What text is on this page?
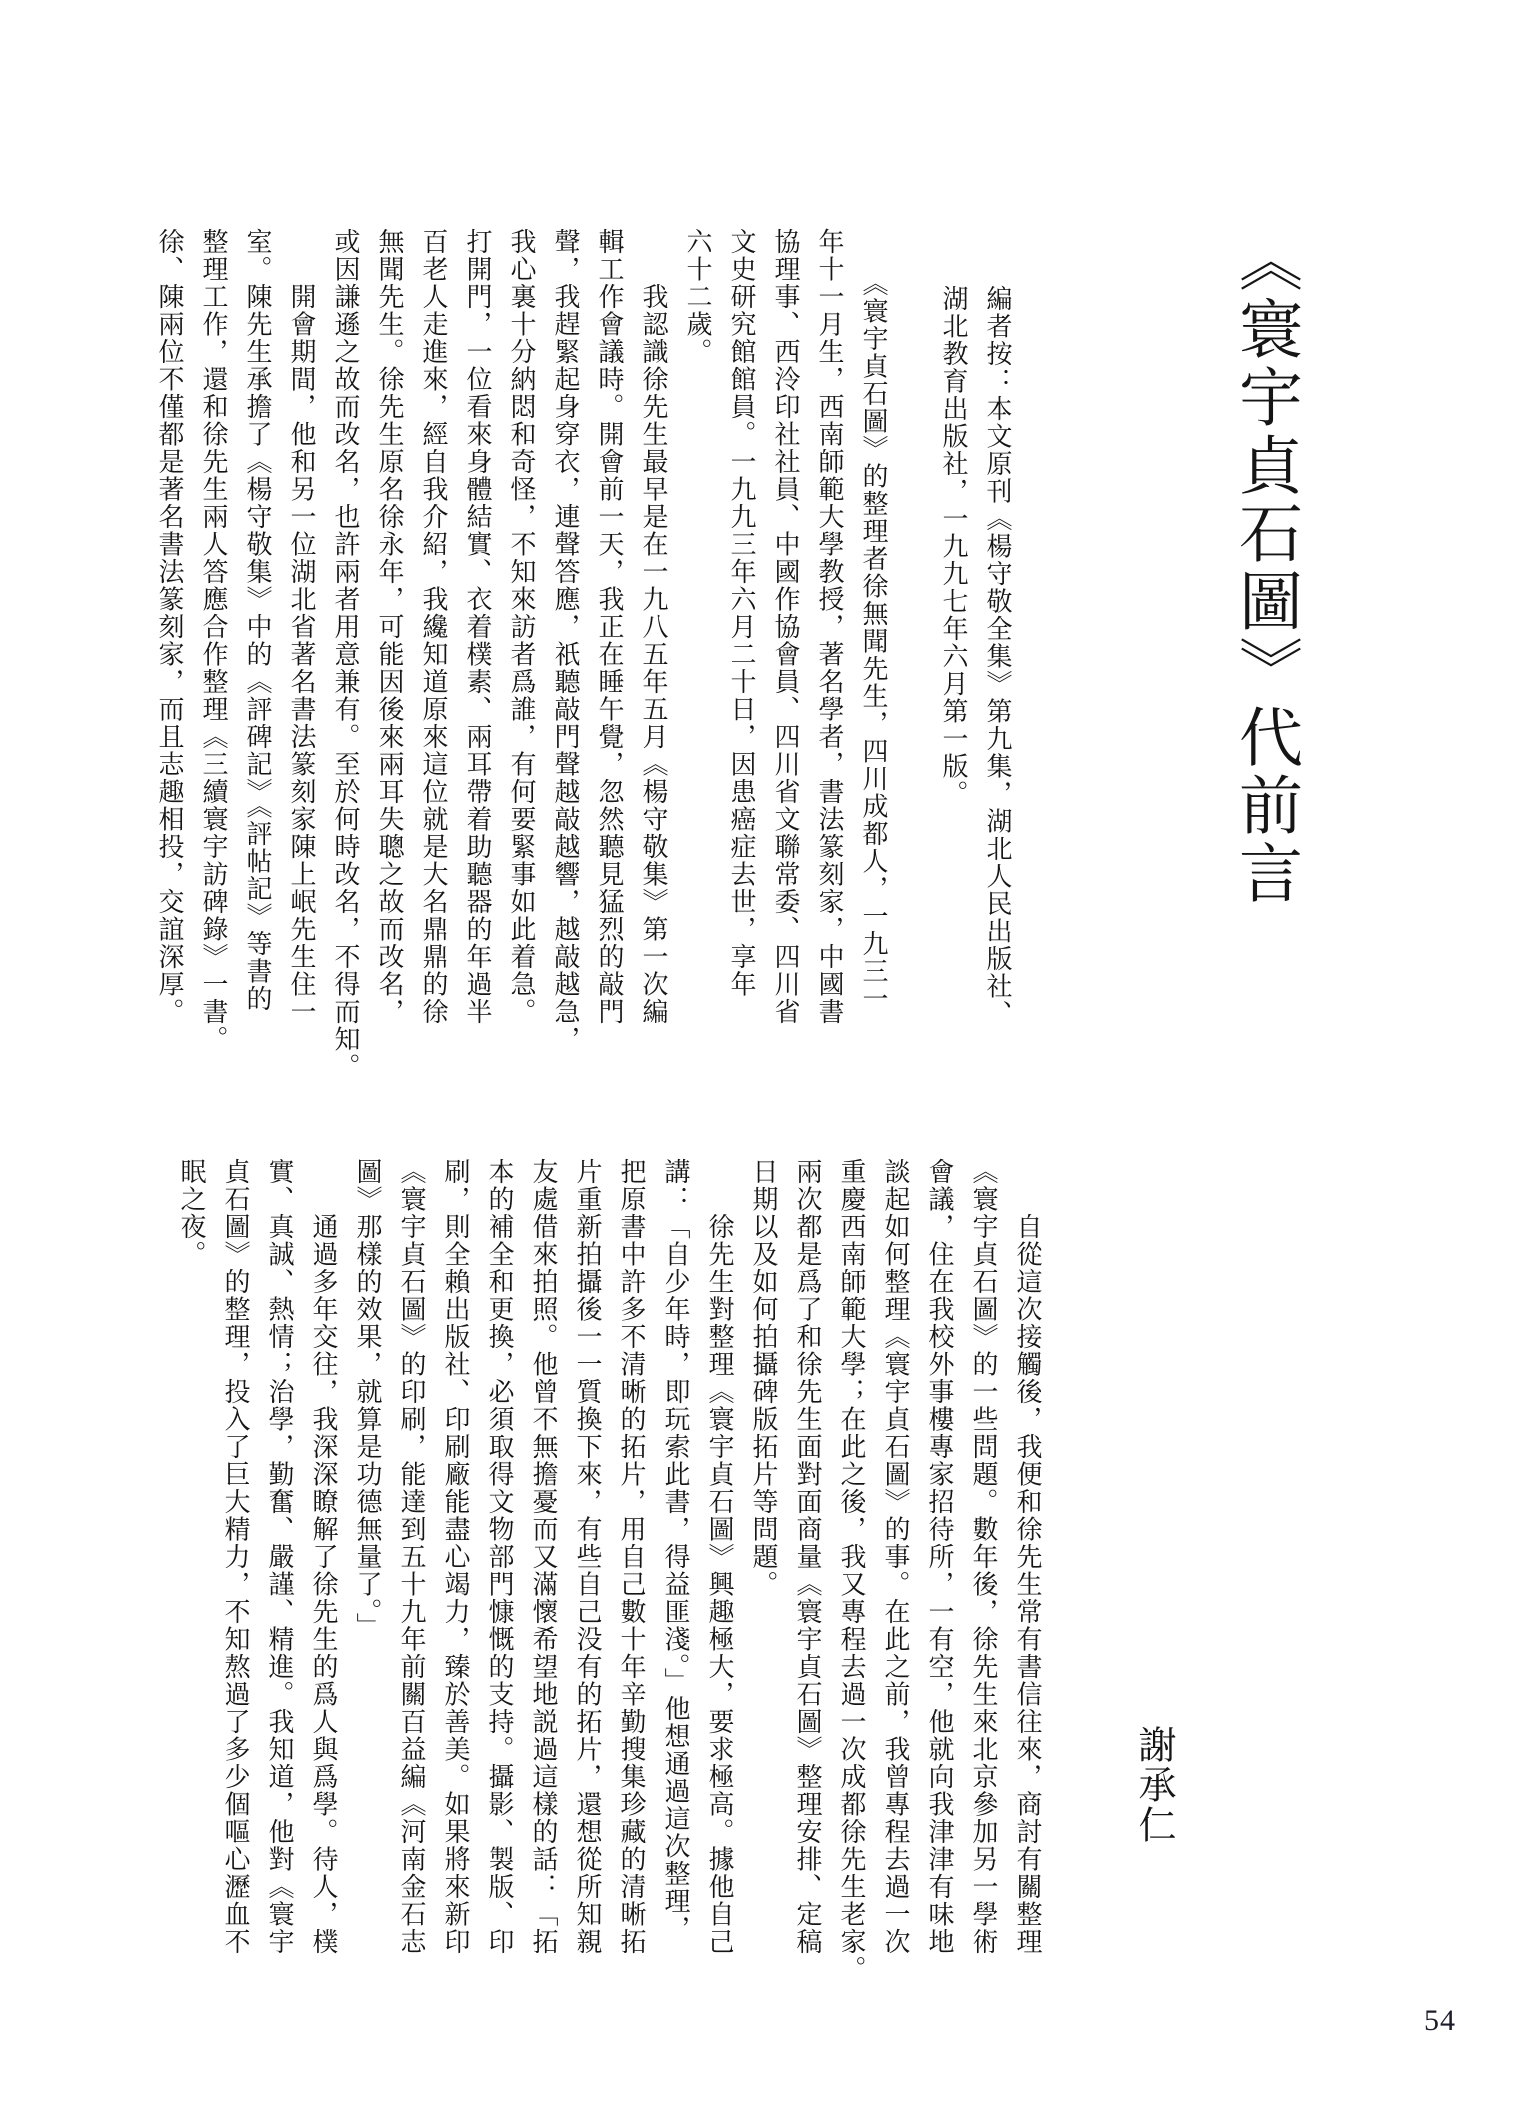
《寰宇貞石圖》代前言
編者按：本文原刊《楊守敬全集》第九集，湖北人民出版社、
湖北教育出版社，一九九七年六月第一版。
　　《寰宇貞石圖》的整理者徐無聞先生，四川成都人，一九三一
年十一月生，西南師範大學教授，著名學者，書法篆刻家，中國書
協理事、西泠印社社員、中國作協會員、四川省文聯常委、四川省
文史研究館館員。一九九三年六月二十日，因患癌症去世，享年
六十二歲。
　　我認識徐先生最早是在一九八五年五月《楊守敬集》第一次編
輯工作會議時。開會前一天，我正在睡午覺，忽然聽見猛烈的敲門
聲，我趕緊起身穿衣，連聲答應，祇聽敲門聲越敲越響，越敲越急，
我心裏十分納悶和奇怪，不知來訪者爲誰，有何要緊事如此着急。
打開門，一位看來身體結實、衣着樸素、兩耳帶着助聽器的年過半
百老人走進來，經自我介紹，我纔知道原來這位就是大名鼎鼎的徐
無聞先生。徐先生原名徐永年，可能因後來兩耳失聰之故而改名，
或因謙遜之故而改名，也許兩者用意兼有。至於何時改名，不得而知。
　　開會期間，他和另一位湖北省著名書法篆刻家陳上岷先生住一
室。陳先生承擔了《楊守敬集》中的《評碑記》《評帖記》等書的
整理工作，還和徐先生兩人答應合作整理《三續寰宇訪碑錄》一書。
徐、陳兩位不僅都是著名書法篆刻家，而且志趣相投，交誼深厚。
謝承仁
　　自從這次接觸後，我便和徐先生常有書信往來，商討有關整理
《寰宇貞石圖》的一些問題。數年後，徐先生來北京參加另一學術
會議，住在我校外事樓專家招待所，一有空，他就向我津津有味地
談起如何整理《寰宇貞石圖》的事。在此之前，我曾專程去過一次
重慶西南師範大學；在此之後，我又專程去過一次成都徐先生老家。
兩次都是爲了和徐先生面對面商量《寰宇貞石圖》整理安排、定稿
日期以及如何拍攝碑版拓片等問題。
　　徐先生對整理《寰宇貞石圖》興趣極大，要求極高。據他自己
講：「自少年時，即玩索此書，得益匪淺。」他想通過這次整理，
把原書中許多不清晰的拓片，用自己數十年辛勤搜集珍藏的清晰拓
片重新拍攝後一一質換下來，有些自己没有的拓片，還想從所知親
友處借來拍照。他曾不無擔憂而又滿懷希望地説過這樣的話：「拓
本的補全和更換，必須取得文物部門慷慨的支持。攝影、製版、印
刷，則全賴出版社、印刷廠能盡心竭力，臻於善美。如果將來新印
《寰宇貞石圖》的印刷，能達到五十九年前關百益編《河南金石志
圖》那樣的效果，就算是功德無量了。」
　　通過多年交往，我深深瞭解了徐先生的爲人與爲學。待人，樸
實、真誠、熱情；治學，勤奮、嚴謹、精進。我知道，他對《寰宇
貞石圖》的整理，投入了巨大精力，不知熬過了多少個嘔心瀝血不
眠之夜。
54
